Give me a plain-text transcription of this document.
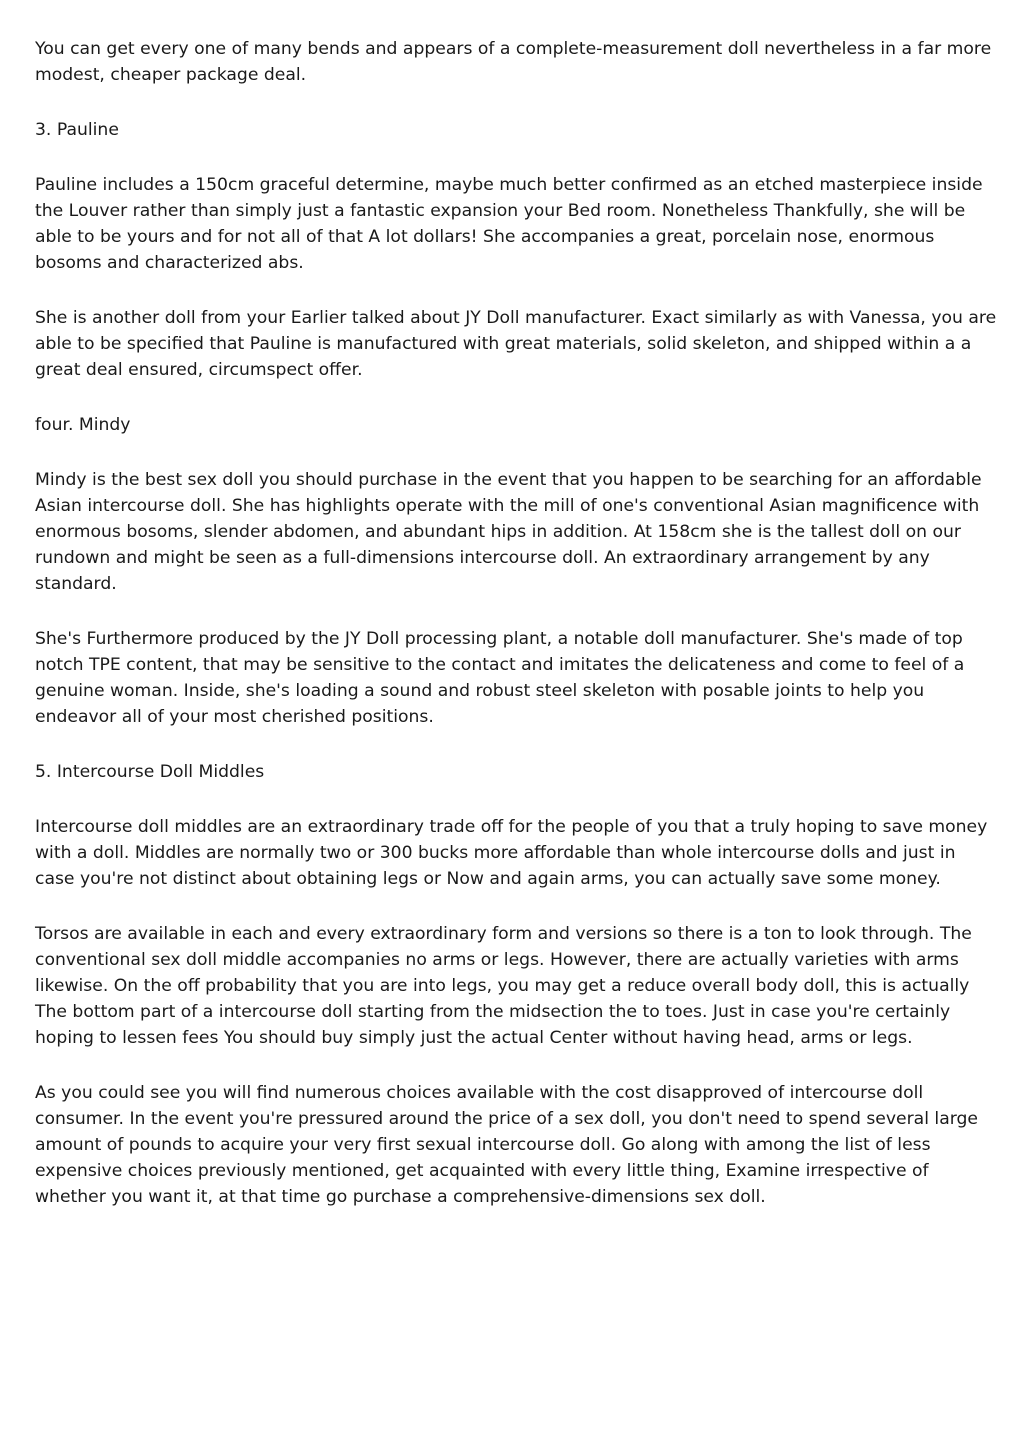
You can get every one of many bends and appears of a complete-measurement doll nevertheless in a far more modest, cheaper package deal.

3. Pauline

Pauline includes a 150cm graceful determine, maybe much better confirmed as an etched masterpiece inside the Louver rather than simply just a fantastic expansion your Bed room. Nonetheless Thankfully, she will be able to be yours and for not all of that A lot dollars! She accompanies a great, porcelain nose, enormous bosoms and characterized abs.

She is another doll from your Earlier talked about JY Doll manufacturer. Exact similarly as with Vanessa, you are able to be specified that Pauline is manufactured with great materials, solid skeleton, and shipped within a a great deal ensured, circumspect offer.

four. Mindy

Mindy is the best sex doll you should purchase in the event that you happen to be searching for an affordable Asian intercourse doll. She has highlights operate with the mill of one's conventional Asian magnificence with enormous bosoms, slender abdomen, and abundant hips in addition. At 158cm she is the tallest doll on our rundown and might be seen as a full-dimensions intercourse doll. An extraordinary arrangement by any standard.

She's Furthermore produced by the JY Doll processing plant, a notable doll manufacturer. She's made of top notch TPE content, that may be sensitive to the contact and imitates the delicateness and come to feel of a genuine woman. Inside, she's loading a sound and robust steel skeleton with posable joints to help you endeavor all of your most cherished positions.

5. Intercourse Doll Middles

Intercourse doll middles are an extraordinary trade off for the people of you that a truly hoping to save money with a doll. Middles are normally two or 300 bucks more affordable than whole intercourse dolls and just in case you're not distinct about obtaining legs or Now and again arms, you can actually save some money.

Torsos are available in each and every extraordinary form and versions so there is a ton to look through. The conventional sex doll middle accompanies no arms or legs. However, there are actually varieties with arms likewise. On the off probability that you are into legs, you may get a reduce overall body doll, this is actually The bottom part of a intercourse doll starting from the midsection the to toes. Just in case you're certainly hoping to lessen fees You should buy simply just the actual Center without having head, arms or legs.

As you could see you will find numerous choices available with the cost disapproved of intercourse doll consumer. In the event you're pressured around the price of a sex doll, you don't need to spend several large amount of pounds to acquire your very first sexual intercourse doll. Go along with among the list of less expensive choices previously mentioned, get acquainted with every little thing, Examine irrespective of whether you want it, at that time go purchase a comprehensive-dimensions sex doll.
